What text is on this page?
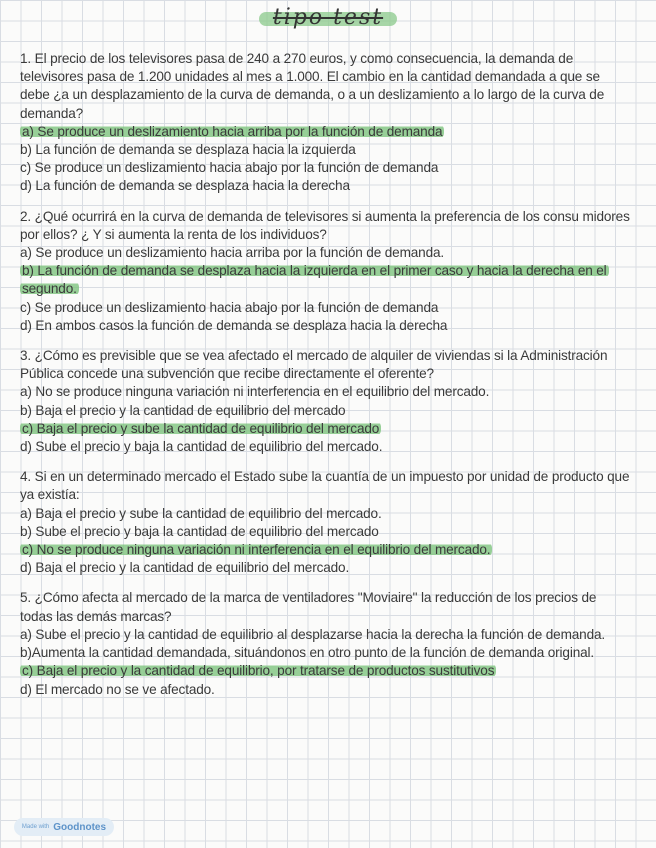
tipo test

1. El precio de los televisores pasa de 240 a 270 euros, y como consecuencia, la demanda de televisores pasa de 1.200 unidades al mes a 1.000. El cambio en la cantidad demandada a que se debe ¿a un desplazamiento de la curva de demanda, o a un deslizamiento a lo largo de la curva de demanda?

a) Se produce un deslizamiento hacia arriba por la función de demanda
b) La función de demanda se desplaza hacia la izquierda
c) Se produce un deslizamiento hacia abajo por la función de demanda
d) La función de demanda se desplaza hacia la derecha

2. ¿Qué ocurrirá en la curva de demanda de televisores si aumenta la preferencia de los consu midores por ellos? ¿ Y si aumenta la renta de los individuos?

a) Se produce un deslizamiento hacia arriba por la función de demanda.
b) La función de demanda se desplaza hacia la izquierda en el primer caso y hacia la derecha en el segundo.
c) Se produce un deslizamiento hacia abajo por la función de demanda
d) En ambos casos la función de demanda se desplaza hacia la derecha

3. ¿Cómo es previsible que se vea afectado el mercado de alquiler de viviendas si la Administración Pública concede una subvención que recibe directamente el oferente?

a) No se produce ninguna variación ni interferencia en el equilibrio del mercado.
b) Baja el precio y la cantidad de equilibrio del mercado
c) Baja el precio y sube la cantidad de equilibrio del mercado
d) Sube el precio y baja la cantidad de equilibrio del mercado.

4. Si en un determinado mercado el Estado sube la cuantía de un impuesto por unidad de producto que ya existía:

a) Baja el precio y sube la cantidad de equilibrio del mercado.
b) Sube el precio y baja la cantidad de equilibrio del mercado
c) No se produce ninguna variación ni interferencia en el equilibrio del mercado.
d) Baja el precio y la cantidad de equilibrio del mercado.

5. ¿Cómo afecta al mercado de la marca de ventiladores "Moviaire" la reducción de los precios de todas las demás marcas?

a) Sube el precio y la cantidad de equilibrio al desplazarse hacia la derecha la función de demanda.
b)Aumenta la cantidad demandada, situándonos en otro punto de la función de demanda original.
c) Baja el precio y la cantidad de equilibrio, por tratarse de productos sustitutivos
d) El mercado no se ve afectado.
Made with Goodnotes
